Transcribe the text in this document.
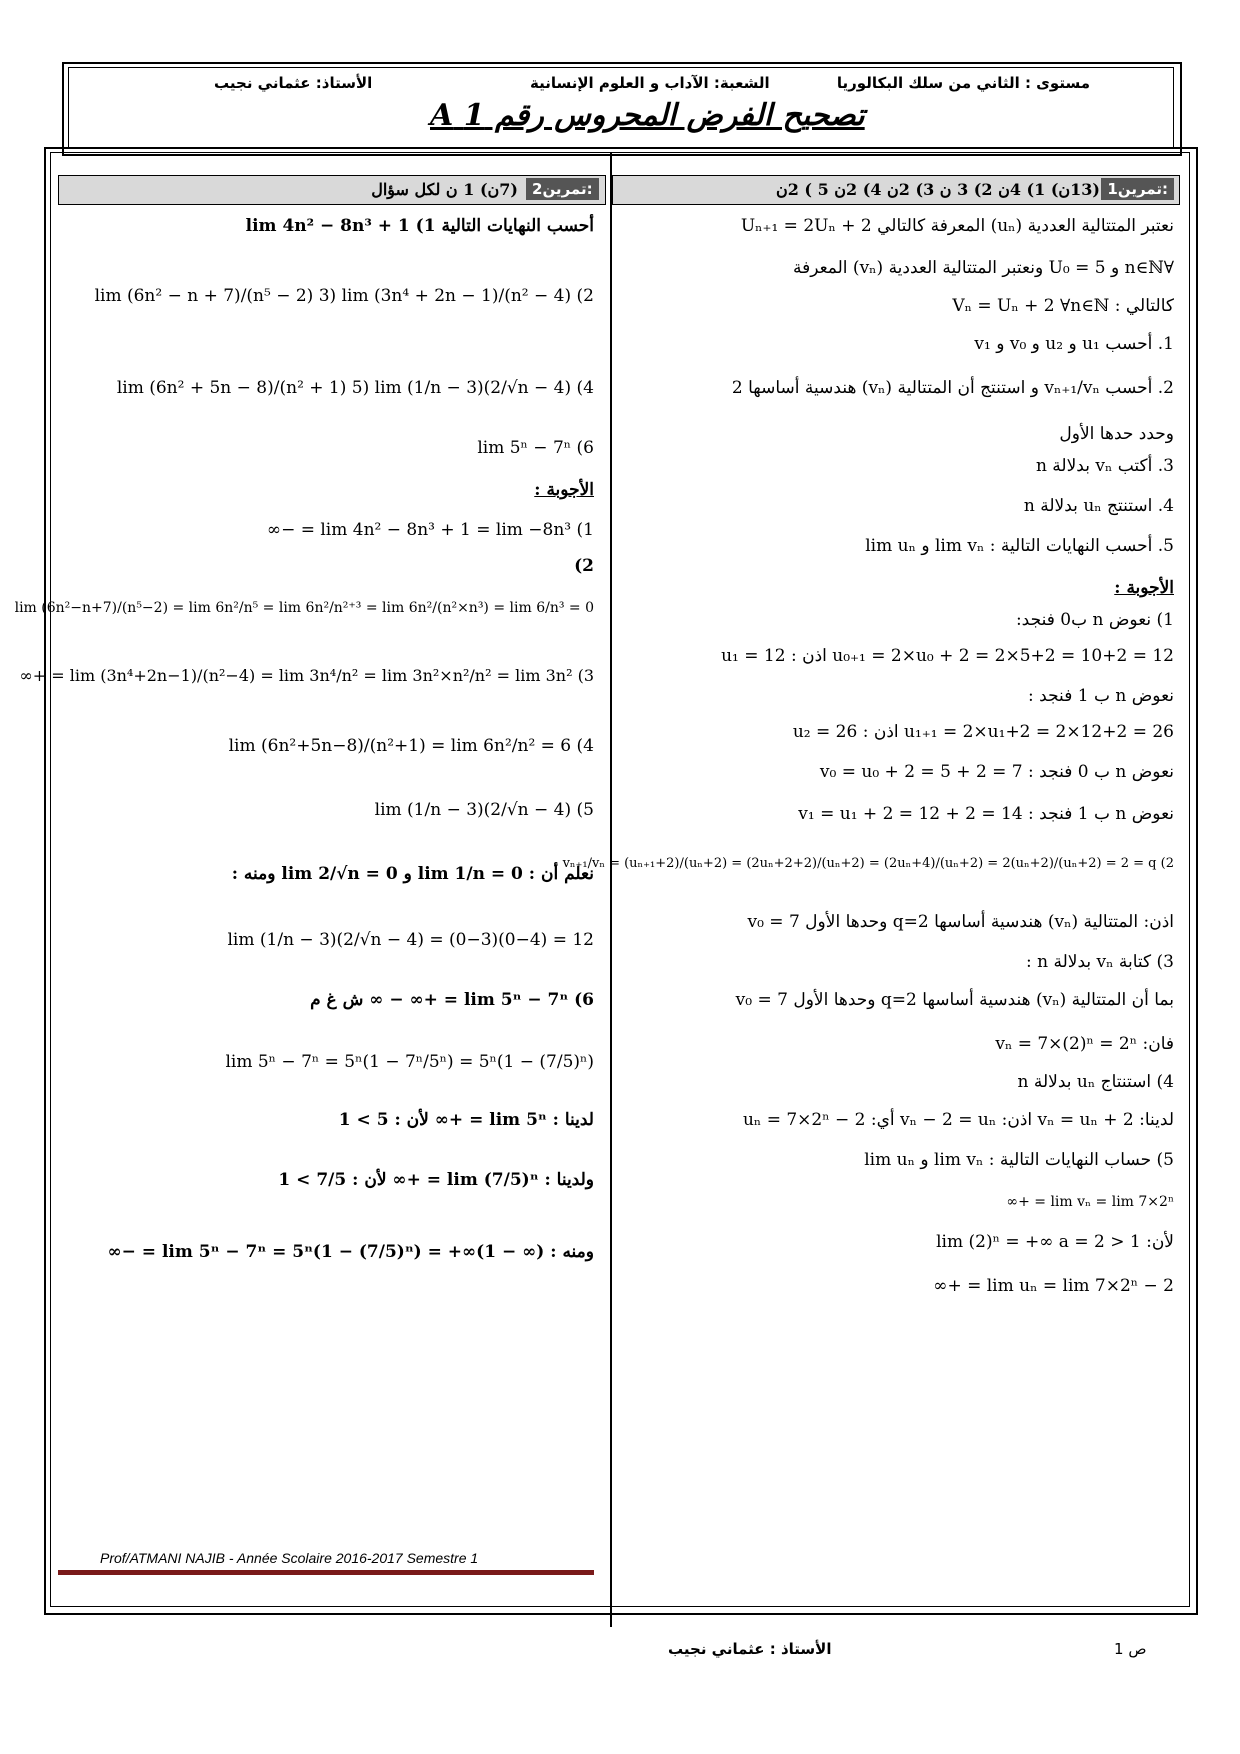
مستوى : الثاني من سلك البكالوريا
الشعبة: الآداب و العلوم الإنسانية
الأستاذ: عثماني نجيب
تصحيح الفرض المحروس رقم 1 A
تمرين1:
(13ن) 1) 4ن 2) 3 ن 3) 2ن 4) 2ن 5 ) 2ن
نعتبر المتتالية العددية (uₙ) المعرفة كالتالي Uₙ₊₁ = 2Uₙ + 2
∀n∈ℕ و U₀ = 5 ونعتبر المتتالية العددية (vₙ) المعرفة
كالتالي : Vₙ = Uₙ + 2 ∀n∈ℕ
1. أحسب u₁ و u₂ و v₀ و v₁
2. أحسب vₙ₊₁/vₙ و استنتج أن المتتالية (vₙ) هندسية أساسها 2
وحدد حدها الأول
3. أكتب vₙ بدلالة n
4. استنتج uₙ بدلالة n
5. أحسب النهايات التالية : lim vₙ و lim uₙ
الأجوبة :
1) نعوض n ب0 فنجد:
u₀₊₁ = 2×u₀ + 2 = 2×5+2 = 10+2 = 12 اذن : u₁ = 12
نعوض n ب 1 فنجد :
u₁₊₁ = 2×u₁+2 = 2×12+2 = 26 اذن : u₂ = 26
نعوض n ب 0 فنجد : v₀ = u₀ + 2 = 5 + 2 = 7
نعوض n ب 1 فنجد : v₁ = u₁ + 2 = 12 + 2 = 14
2) vₙ₊₁/vₙ = (uₙ₊₁+2)/(uₙ+2) = (2uₙ+2+2)/(uₙ+2) = (2uₙ+4)/(uₙ+2) = 2(uₙ+2)/(uₙ+2) = 2 = q
اذن: المتتالية (vₙ) هندسية أساسها q=2 وحدها الأول v₀ = 7
3) كتابة vₙ بدلالة n :
بما أن المتتالية (vₙ) هندسية أساسها q=2 وحدها الأول v₀ = 7
فان: vₙ = 7×(2)ⁿ = 2ⁿ
4) استنتاج uₙ بدلالة n
لدينا: vₙ = uₙ + 2 اذن: vₙ − 2 = uₙ أي: uₙ = 7×2ⁿ − 2
5) حساب النهايات التالية : lim vₙ و lim uₙ
lim vₙ = lim 7×2ⁿ = +∞
لأن: lim (2)ⁿ = +∞ a = 2 > 1
lim uₙ = lim 7×2ⁿ − 2 = +∞
تمرين2:
(7ن) 1 ن لكل سؤال
أحسب النهايات التالية 1) lim 4n² − 8n³ + 1
2) lim (6n² − n + 7)/(n⁵ − 2) 3) lim (3n⁴ + 2n − 1)/(n² − 4)
4) lim (6n² + 5n − 8)/(n² + 1) 5) lim (1/n − 3)(2/√n − 4)
6) lim 5ⁿ − 7ⁿ
الأجوبة :
1) lim 4n² − 8n³ + 1 = lim −8n³ = −∞
2)
lim (6n²−n+7)/(n⁵−2) = lim 6n²/n⁵ = lim 6n²/n²⁺³ = lim 6n²/(n²×n³) = lim 6/n³ = 0
3) lim (3n⁴+2n−1)/(n²−4) = lim 3n⁴/n² = lim 3n²×n²/n² = lim 3n² = +∞
4) lim (6n²+5n−8)/(n²+1) = lim 6n²/n² = 6
5) lim (1/n − 3)(2/√n − 4)
نعلم أن : lim 1/n = 0 و lim 2/√n = 0 ومنه :
lim (1/n − 3)(2/√n − 4) = (0−3)(0−4) = 12
6) lim 5ⁿ − 7ⁿ = +∞ − ∞ ش غ م
lim 5ⁿ − 7ⁿ = 5ⁿ(1 − 7ⁿ/5ⁿ) = 5ⁿ(1 − (7/5)ⁿ)
لدينا : lim 5ⁿ = +∞ لأن : 5 > 1
ولدينا : lim (7/5)ⁿ = +∞ لأن : 7/5 > 1
ومنه : lim 5ⁿ − 7ⁿ = 5ⁿ(1 − (7/5)ⁿ) = +∞(1 − ∞) = −∞
Prof/ATMANI NAJIB - Année Scolaire 2016-2017 Semestre 1
الأستاذ : عثماني نجيب	ص 1
